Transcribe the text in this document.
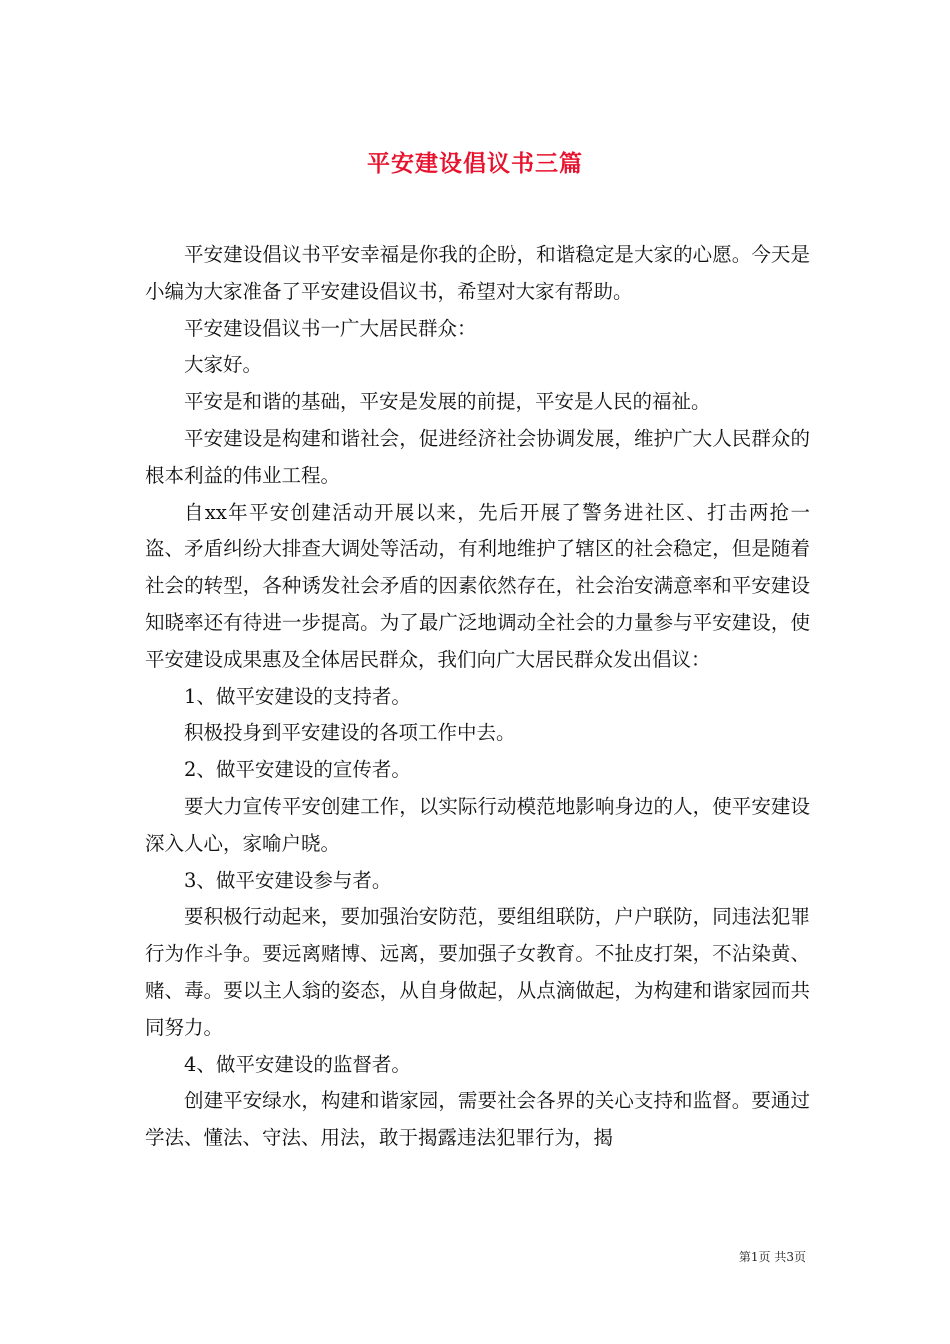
平安建设倡议书三篇

平安建设倡议书平安幸福是你我的企盼，和谐稳定是大家的心愿。今天是小编为大家准备了平安建设倡议书，希望对大家有帮助。

平安建设倡议书一广大居民群众：

大家好。

平安是和谐的基础，平安是发展的前提，平安是人民的福祉。

平安建设是构建和谐社会，促进经济社会协调发展，维护广大人民群众的根本利益的伟业工程。

自xx年平安创建活动开展以来，先后开展了警务进社区、打击两抢一盗、矛盾纠纷大排查大调处等活动，有利地维护了辖区的社会稳定，但是随着社会的转型，各种诱发社会矛盾的因素依然存在，社会治安满意率和平安建设知晓率还有待进一步提高。为了最广泛地调动全社会的力量参与平安建设，使平安建设成果惠及全体居民群众，我们向广大居民群众发出倡议：

1、做平安建设的支持者。

积极投身到平安建设的各项工作中去。

2、做平安建设的宣传者。

要大力宣传平安创建工作，以实际行动模范地影响身边的人，使平安建设深入人心，家喻户晓。

3、做平安建设参与者。

要积极行动起来，要加强治安防范，要组组联防，户户联防，同违法犯罪行为作斗争。要远离赌博、远离，要加强子女教育。不扯皮打架，不沾染黄、赌、毒。要以主人翁的姿态，从自身做起，从点滴做起，为构建和谐家园而共同努力。

4、做平安建设的监督者。

创建平安绿水，构建和谐家园，需要社会各界的关心支持和监督。要通过学法、懂法、守法、用法，敢于揭露违法犯罪行为，揭

第1页 共3页
